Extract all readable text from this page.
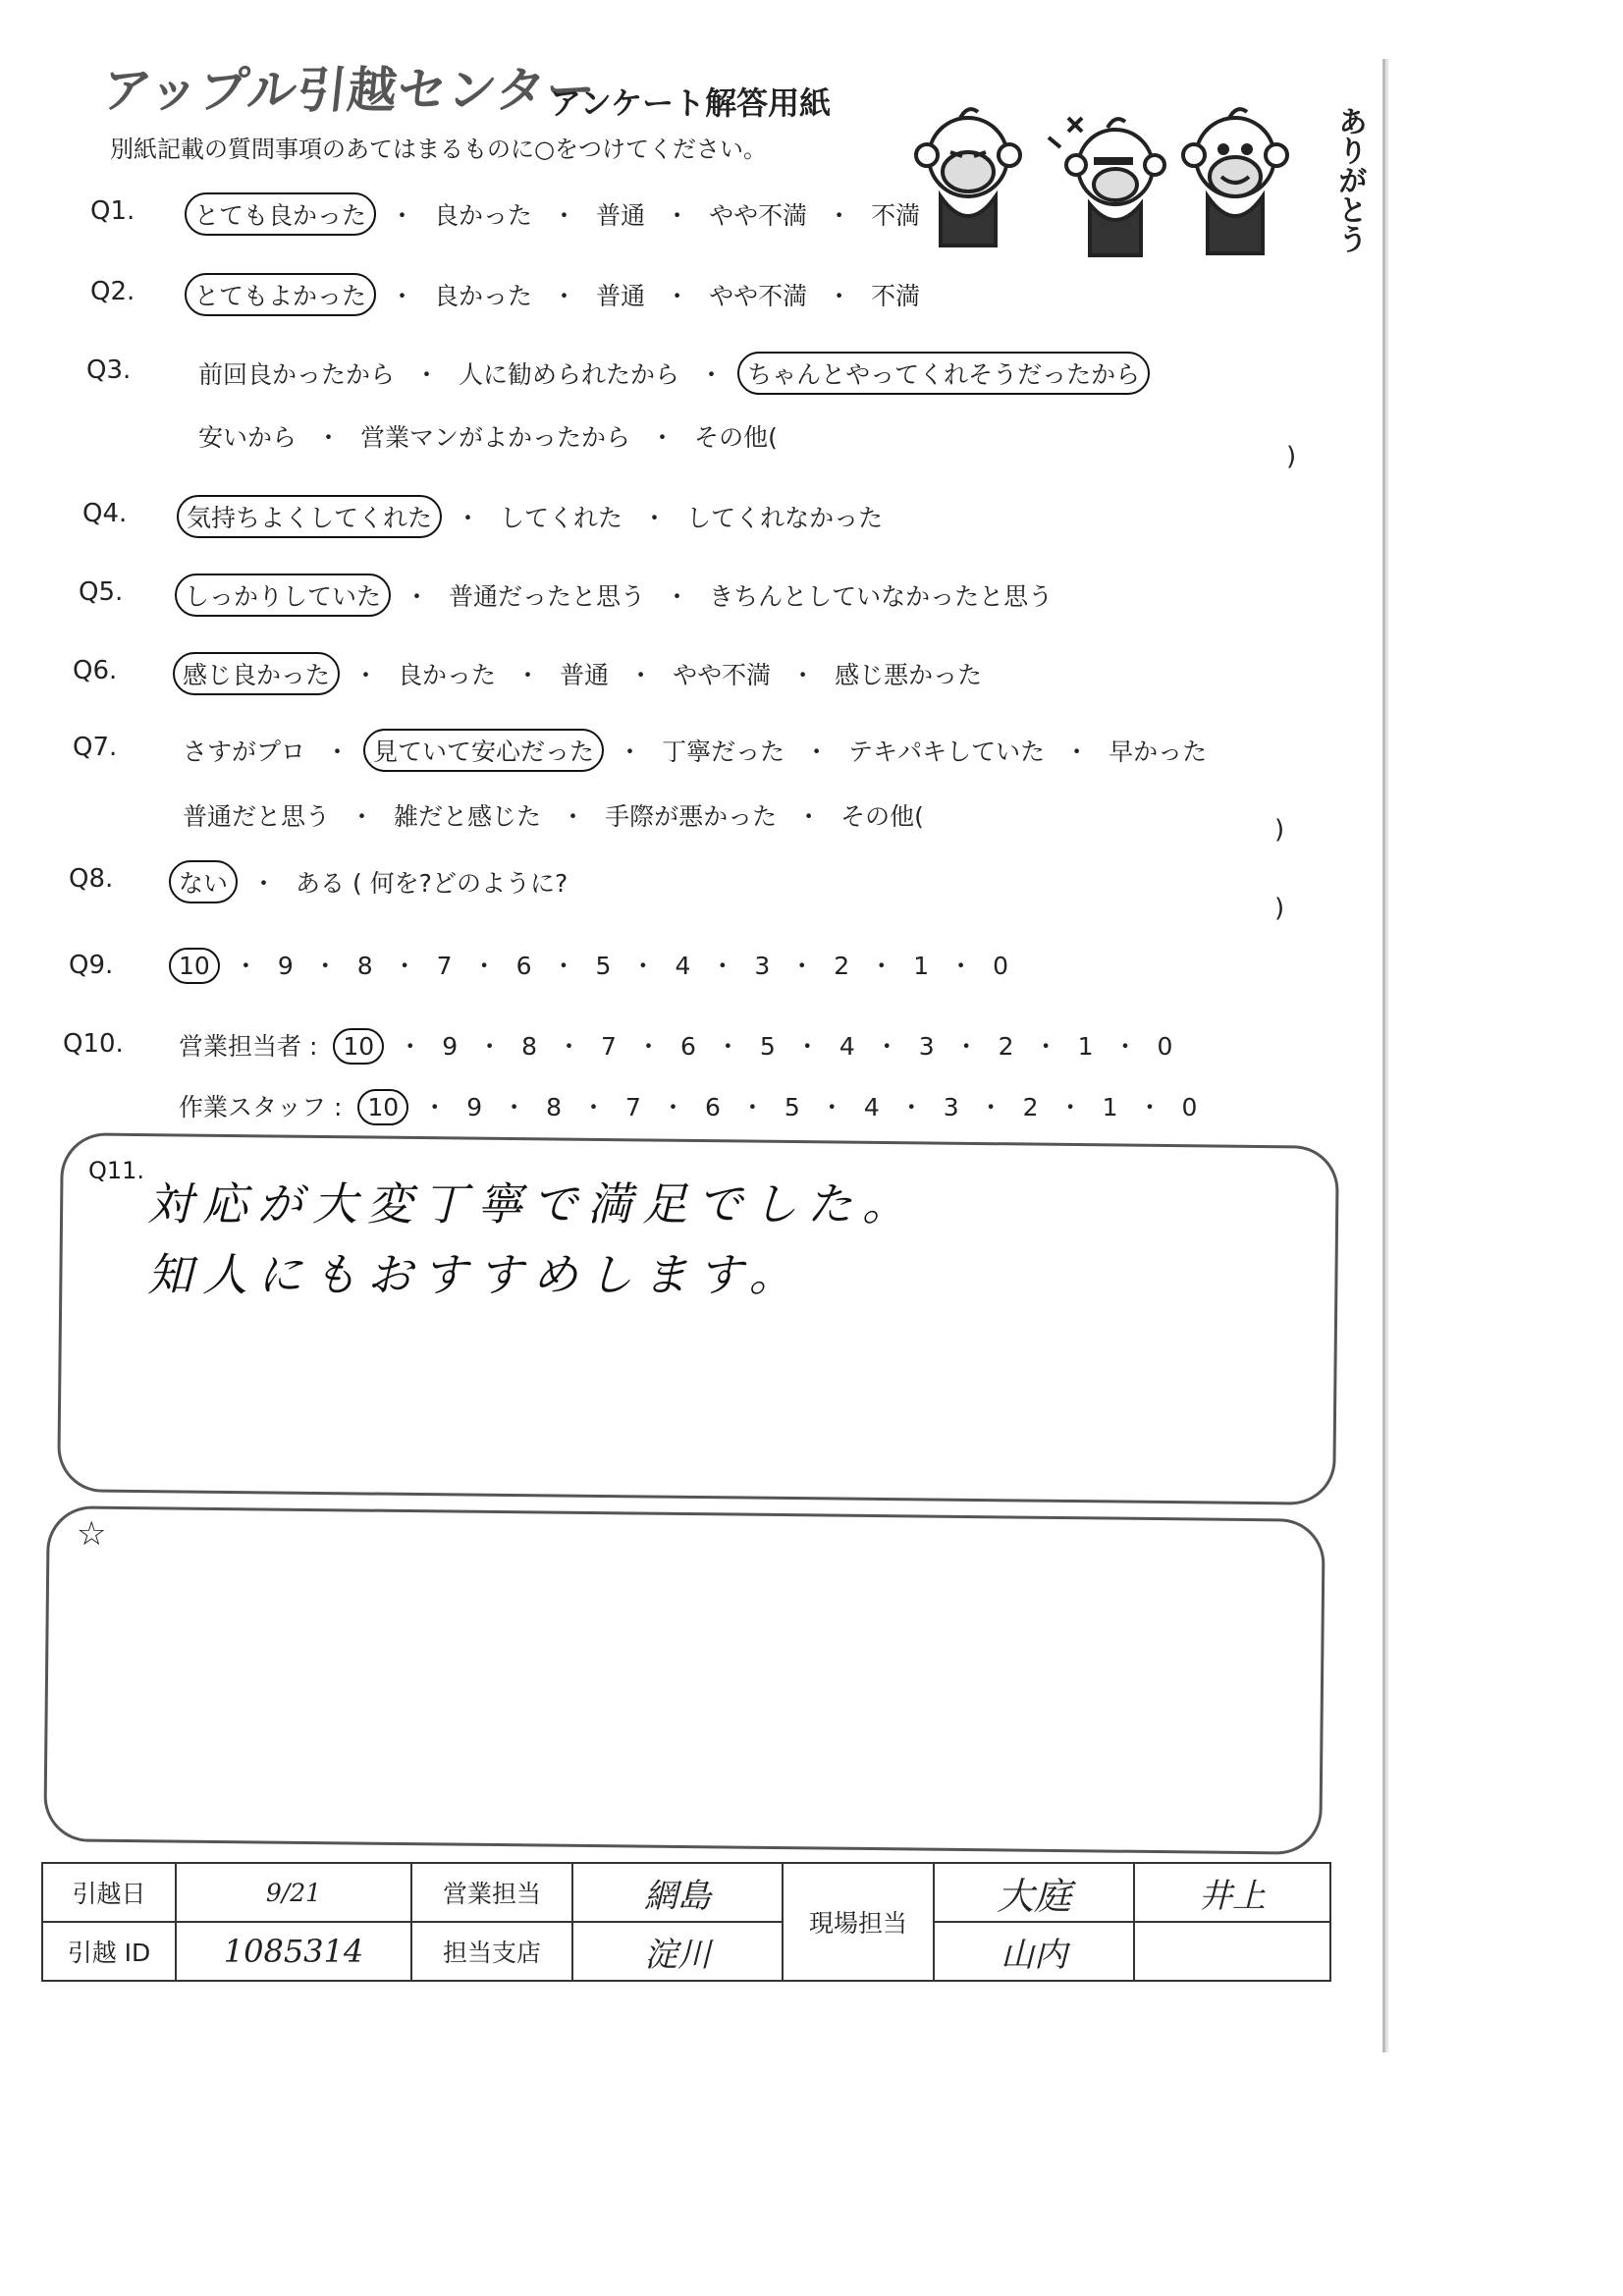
アップル引越センター
アンケート解答用紙
別紙記載の質問事項のあてはまるものに○をつけてください。	ありがとう
Q1.	とても良かった ・ 良かった ・ 普通 ・ やや不満 ・ 不満
Q2.	とてもよかった ・ 良かった ・ 普通 ・ やや不満 ・ 不満
Q3.	前回良かったから ・ 人に勧められたから ・ ちゃんとやってくれそうだったから
安いから ・ 営業マンがよかったから ・ その他(
Q4.	気持ちよくしてくれた ・ してくれた ・ してくれなかった
Q5.	しっかりしていた ・ 普通だったと思う ・ きちんとしていなかったと思う
Q6.	感じ良かった ・ 良かった ・ 普通 ・ やや不満 ・ 感じ悪かった
Q7.	さすがプロ ・ 見ていて安心だった ・ 丁寧だった ・ テキパキしていた ・ 早かった
普通だと思う ・ 雑だと感じた ・ 手際が悪かった ・ その他(
Q8.	ない ・ ある ( 何を?どのように?
Q9.	10 ・ 9 ・ 8 ・ 7 ・ 6 ・ 5 ・ 4 ・ 3 ・ 2 ・ 1 ・ 0
Q10. 営業担当者 : 10 ・ 9 ・ 8 ・ 7 ・ 6 ・ 5 ・ 4 ・ 3 ・ 2 ・ 1 ・ 0
作業スタッフ : 10 ・ 9 ・ 8 ・ 7 ・ 6 ・ 5 ・ 4 ・ 3 ・ 2 ・ 1 ・ 0
)
)
)
Q11.
対応が大変丁寧で満足でした。
知人にもおすすめします。
☆
引越日	9/21	営業担当	網島	現場担当	大庭	井上
引越 ID	1085314	担当支店	淀川		山内	
